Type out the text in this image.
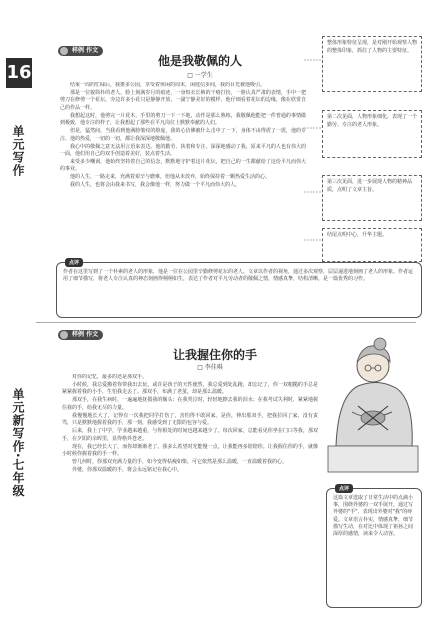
16
单元写作
单元新写作·七年级
样例 作文
他是我敬佩的人
□ 一学生

结束一周的忙碌后，我推多公园，享受着休闲的周末，闲庭信步间，我的目光被他吸引。

那是一位貌简朴的老人，脸上刻满岁月的痕迹，一身短衣长裤的干瘪打扮，一脸认真严肃的表情，手中一把剪刀在修剪一个花坛，旁边许多小花只是静静开放，一副宁静美好的模样，他仔细看着花坛的边缘，像在欣赏自己的作品一样。

我想起这时，他剪完一片花木，手里的剪刀一下一下地，动作是那么熟练，我敬佩他能把一件普通的事情做到极致，他专注的样子，让我想起了那些在平凡岗位上默默奉献的人们。

但是，猛然间，当我看到他满脸皱纹的脸庞，我的心仿佛被什么击中了一下，身体不由得震了一震，他的专注、他的热爱，一切的一切，都让我深深地敬佩他。

我心中的敬佩之意无法用言语来表达。他的勤劳、执着和专注，深深地感动了我，原来平凡的人也有伟大的一面，他们用自己的双手创造着美好，装点着生活。

来受多少嘲讽，他始终坚持着自己的信念，默默地守护着这片花坛，把自己的一生都献给了这份平凡而伟大的事业。

他的人生，一路走来，充满着艰辛与磨难，但他从未放弃，始终保持着一颗热爱生活的心。

我的人生，也将会由我来书写，我会像他一样，努力做一个平凡而伟大的人。

整体形象特征呈现，是对刚开始观察人物的整体印象，抓住了人物的主要特征。
第二次见面，人物形象细化，表现了一个勤劳、专注的老人形象。
第三次见面，进一步展现人物的精神品质，点明了文章主旨。
结尾点明中心，升华主题。
点评
作者在这里写到了一个朴素的老人的形象，他是一位在公园里辛勤修剪花坛的老人。文章以作者的视角，通过多次观察，层层递进地刻画了老人的形象。作者运用了细节描写，将老人专注认真的神态刻画得栩栩如生，表达了作者对平凡劳动者的敬佩之情，情感真挚，结构清晰，是一篇优秀的习作。
样例 作文
让我握住你的手
□ 李佳琪

对你的记忆，最多的还是那双手。

小时候，我总爱搬着你带我出去玩，或许是孩子的天性使然，我总爱到处乱跑，却忘记了，你一双粗糙的手总是紧紧握着我的小手，生怕我走丢了。那双手，布满了老茧，却是那么温暖。

那双手，在我生病时，一遍遍地抚摸我的额头；在我哭泣时，轻轻地擦去我的泪水；在我考试失利时，紧紧地握住我的手，给我无尽的力量。

我慢慢地长大了，记得有一次我把同学打伤了，害怕得不敢回家。是你，伸出那双手，把我拉回了家，没有责骂，只是默默地握着我的手，那一刻，我感受到了无限的包容与爱。

后来，我上了中学，学业越来越重，与你相处的时间也越来越少了。每次回家，总能看见你坐在门口等我，那双手，在夕阳的余晖里，显得格外苍老。

现在，我已经长大了，而你却渐渐老了。我多么希望时光能慢一点，让我能再多陪陪你。让我握住你的手，就像小时候你握着我的手一样。

曾几何时，你那双充满力量的手，如今变得枯瘦如柴，可它依然是那么温暖，一直温暖着我的心。

外婆，你那双温暖的手，将会永远铭记在我心中。

点评
这篇文章选取了日常生活中的点滴小事，围绕外婆的一双手展开，通过写外婆的"手"，表现出外婆对"我"的疼爱。文章语言朴实，情感真挚，细节描写生动，在对比中体现了祖孙之间深厚的感情，读来令人动容。
